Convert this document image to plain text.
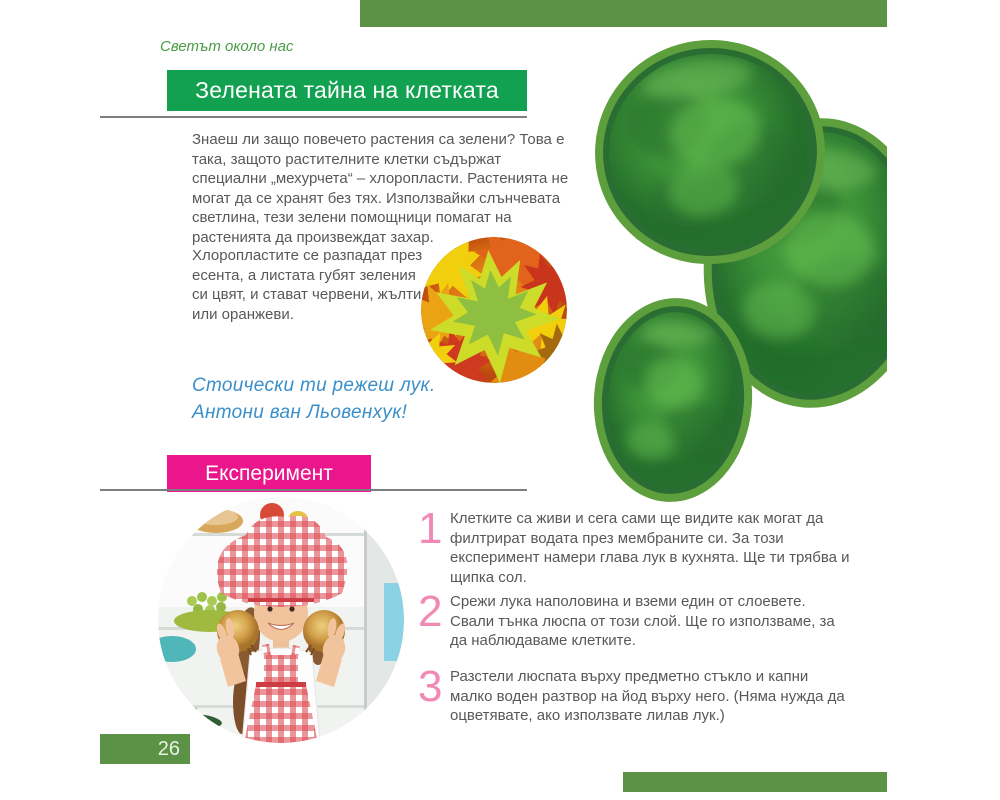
Светът около нас
Зелената тайна на клетката
Знаеш ли защо повечето растения са зелени? Това е така, защото растителните клетки съдържат специални „мехурчета“ – хлоропласти. Растенията не могат да се хранят без тях. Използвайки слънчевата светлина, тези зелени помощници помагат на растенията да произвеждат захар.
Хлоропластите се разпадат през есента, а листата губят зеления си цвят, и стават червени, жълти или оранжеви.
Стоически ти режеш лук.
Антони ван Льовенхук!
Експеримент
1 Клетките са живи и сега сами ще видите как могат да филтрират водата през мембраните си. За този експеримент намери глава лук в кухнята. Ще ти трябва и щипка сол.
2 Срежи лука наполовина и вземи един от слоевете. Свали тънка люспа от този слой. Ще го използваме, за да наблюдаваме клетките.
3 Разстели люспата върху предметно стъкло и капни малко воден разтвор на йод върху него. (Няма нужда да оцветявате, ако използвате лилав лук.)
26
